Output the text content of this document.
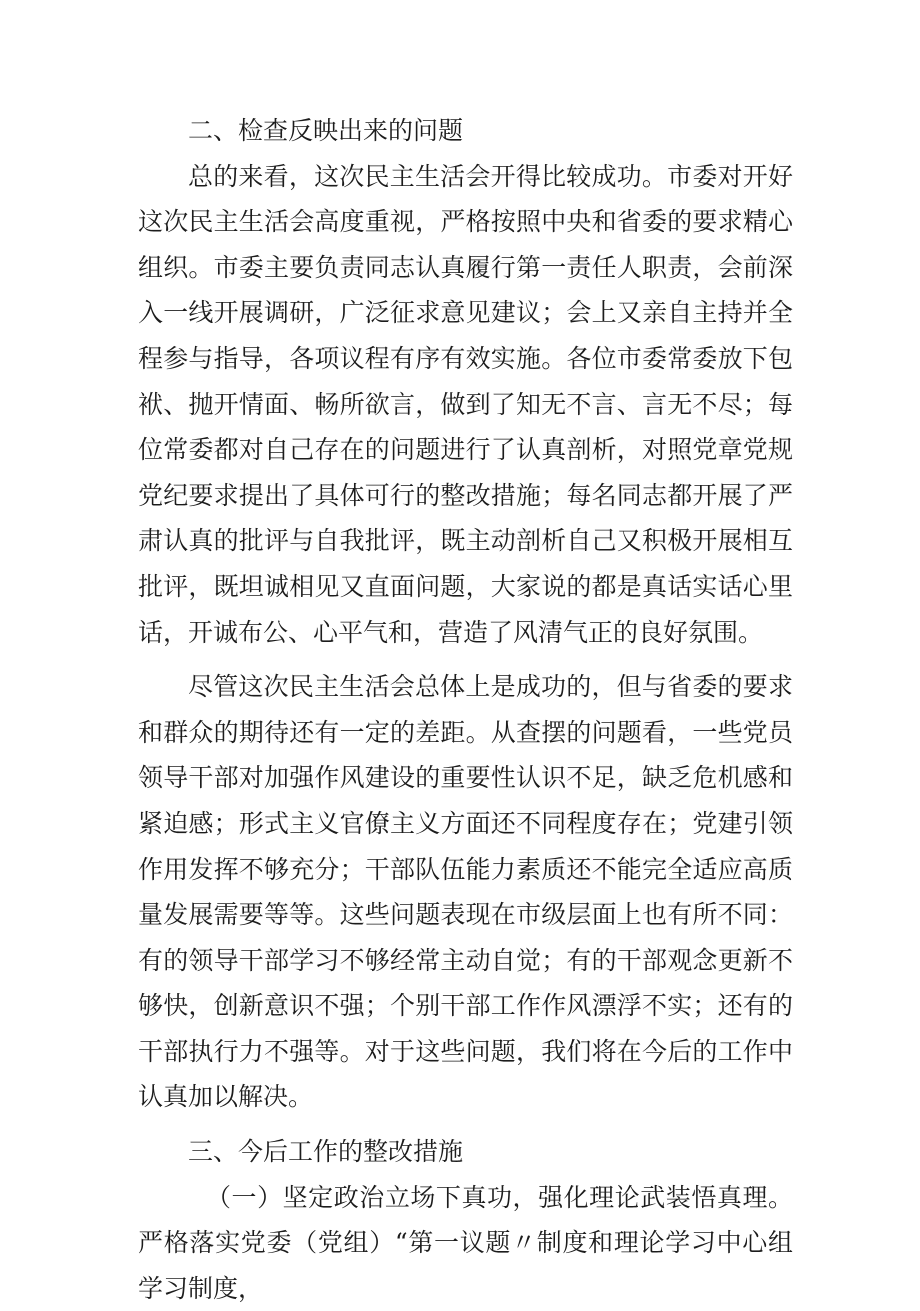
二、检查反映出来的问题

总的来看，这次民主生活会开得比较成功。市委对开好这次民主生活会高度重视，严格按照中央和省委的要求精心组织。市委主要负责同志认真履行第一责任人职责，会前深入一线开展调研，广泛征求意见建议；会上又亲自主持并全程参与指导，各项议程有序有效实施。各位市委常委放下包袱、抛开情面、畅所欲言，做到了知无不言、言无不尽；每位常委都对自己存在的问题进行了认真剖析，对照党章党规党纪要求提出了具体可行的整改措施；每名同志都开展了严肃认真的批评与自我批评，既主动剖析自己又积极开展相互批评，既坦诚相见又直面问题，大家说的都是真话实话心里话，开诚布公、心平气和，营造了风清气正的良好氛围。

尽管这次民主生活会总体上是成功的，但与省委的要求和群众的期待还有一定的差距。从查摆的问题看，一些党员领导干部对加强作风建设的重要性认识不足，缺乏危机感和紧迫感；形式主义官僚主义方面还不同程度存在；党建引领作用发挥不够充分；干部队伍能力素质还不能完全适应高质量发展需要等等。这些问题表现在市级层面上也有所不同：有的领导干部学习不够经常主动自觉；有的干部观念更新不够快，创新意识不强；个别干部工作作风漂浮不实；还有的干部执行力不强等。对于这些问题，我们将在今后的工作中认真加以解决。

三、今后工作的整改措施

（一）坚定政治立场下真功，强化理论武装悟真理。严格落实党委（党组）“第一议题〃制度和理论学习中心组学习制度，
